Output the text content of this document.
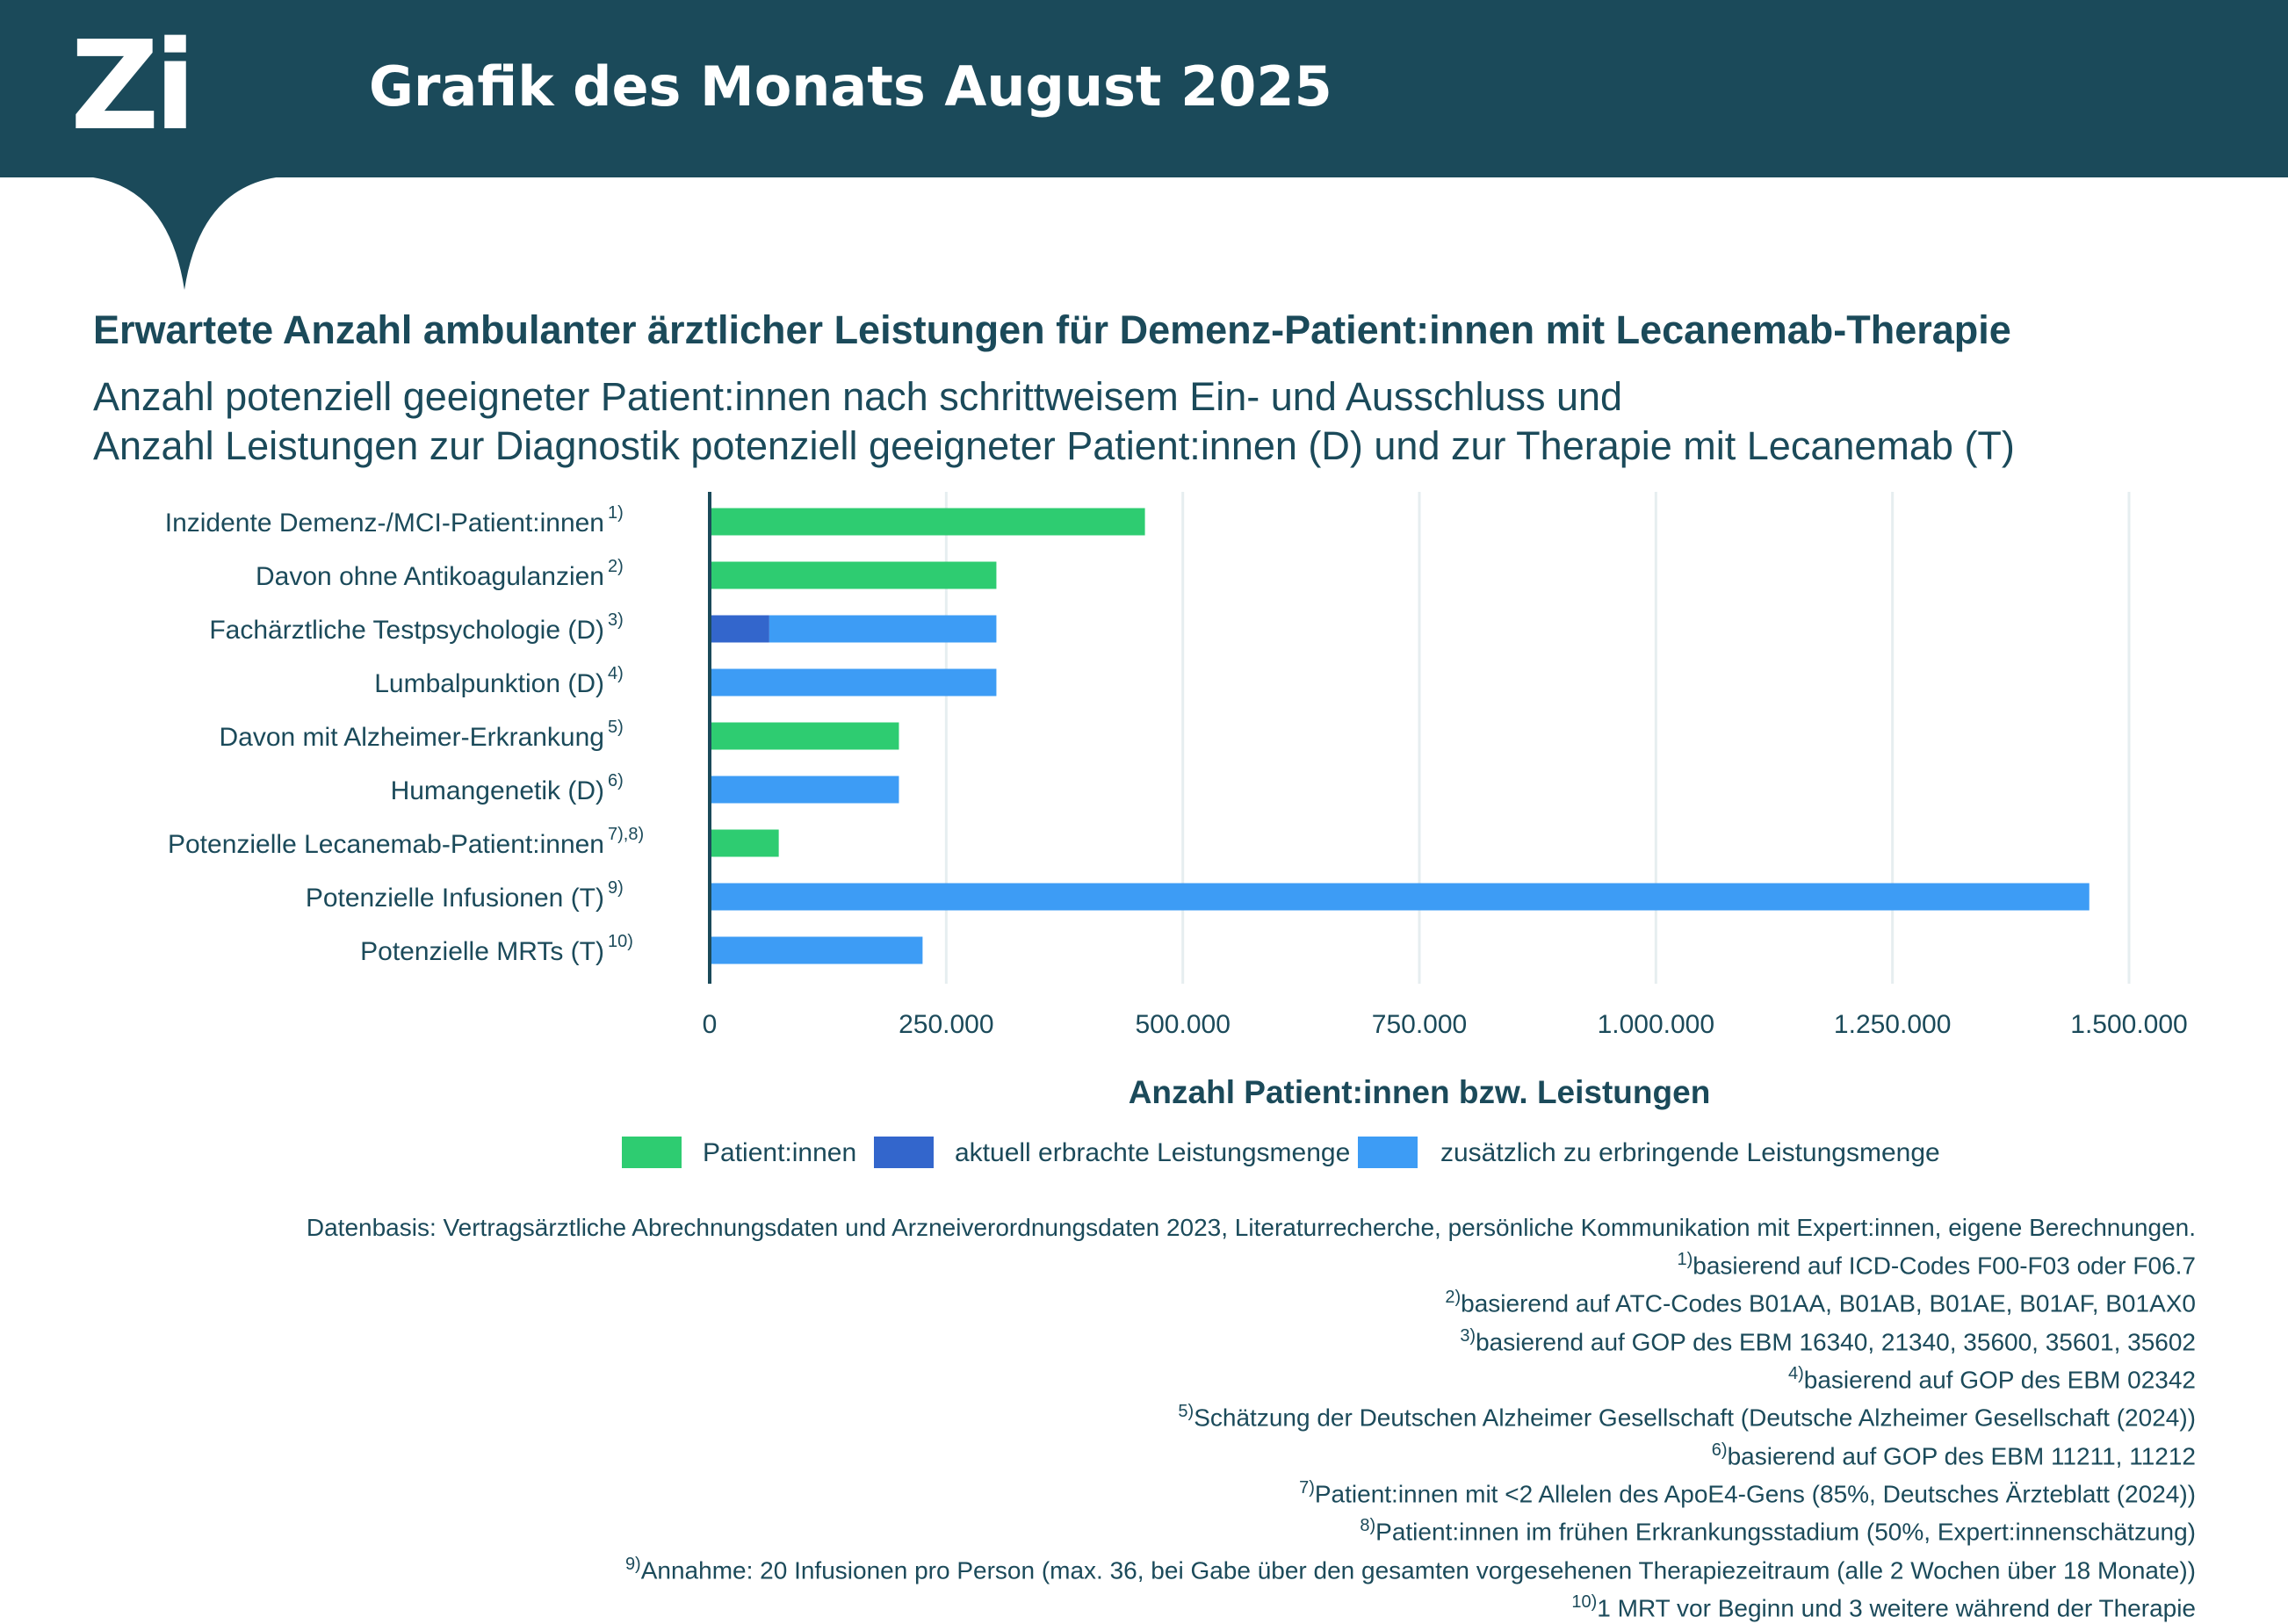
Zi	Grafik des Monats August 2025
Erwartete Anzahl ambulanter ärztlicher Leistungen für Demenz-Patient:innen mit Lecanemab-Therapie
Anzahl potenziell geeigneter Patient:innen nach schrittweisem Ein- und Ausschluss und
Anzahl Leistungen zur Diagnostik potenziell geeigneter Patient:innen (D) und zur Therapie mit Lecanemab (T)
0	250.000	500.000	750.000	1.000.000	1.250.000	1.500.000
Inzidente Demenz-/MCI-Patient:innen 1)
Davon ohne Antikoagulanzien 2)
Fachärztliche Testpsychologie (D) 3)
Lumbalpunktion (D) 4)
Davon mit Alzheimer-Erkrankung 5)
Humangenetik (D) 6)
Potenzielle Lecanemab-Patient:innen 7),8)
Potenzielle Infusionen (T) 9)
Potenzielle MRTs (T) 10)
Anzahl Patient:innen bzw. Leistungen
Patient:innen	aktuell erbrachte Leistungsmenge	zusätzlich zu erbringende Leistungsmenge
Datenbasis: Vertragsärztliche Abrechnungsdaten und Arzneiverordnungsdaten 2023, Literaturrecherche, persönliche Kommunikation mit Expert:innen, eigene Berechnungen.
$^{1)}$basierend auf ICD-Codes F00-F03 oder F06.7
$^{2)}$basierend auf ATC-Codes B01AA, B01AB, B01AE, B01AF, B01AX0
$^{3)}$basierend auf GOP des EBM 16340, 21340, 35600, 35601, 35602
$^{4)}$basierend auf GOP des EBM 02342
$^{5)}$Schätzung der Deutschen Alzheimer Gesellschaft (Deutsche Alzheimer Gesellschaft (2024))
$^{6)}$basierend auf GOP des EBM 11211, 11212
$^{7)}$Patient:innen mit <2 Allelen des ApoE4-Gens (85%, Deutsches Ärzteblatt (2024))
$^{8)}$Patient:innen im frühen Erkrankungsstadium (50%, Expert:innenschätzung)
$^{9)}$Annahme: 20 Infusionen pro Person (max. 36, bei Gabe über den gesamten vorgesehenen Therapiezeitraum (alle 2 Wochen über 18 Monate))
$^{10)}$1 MRT vor Beginn und 3 weitere während der Therapie
